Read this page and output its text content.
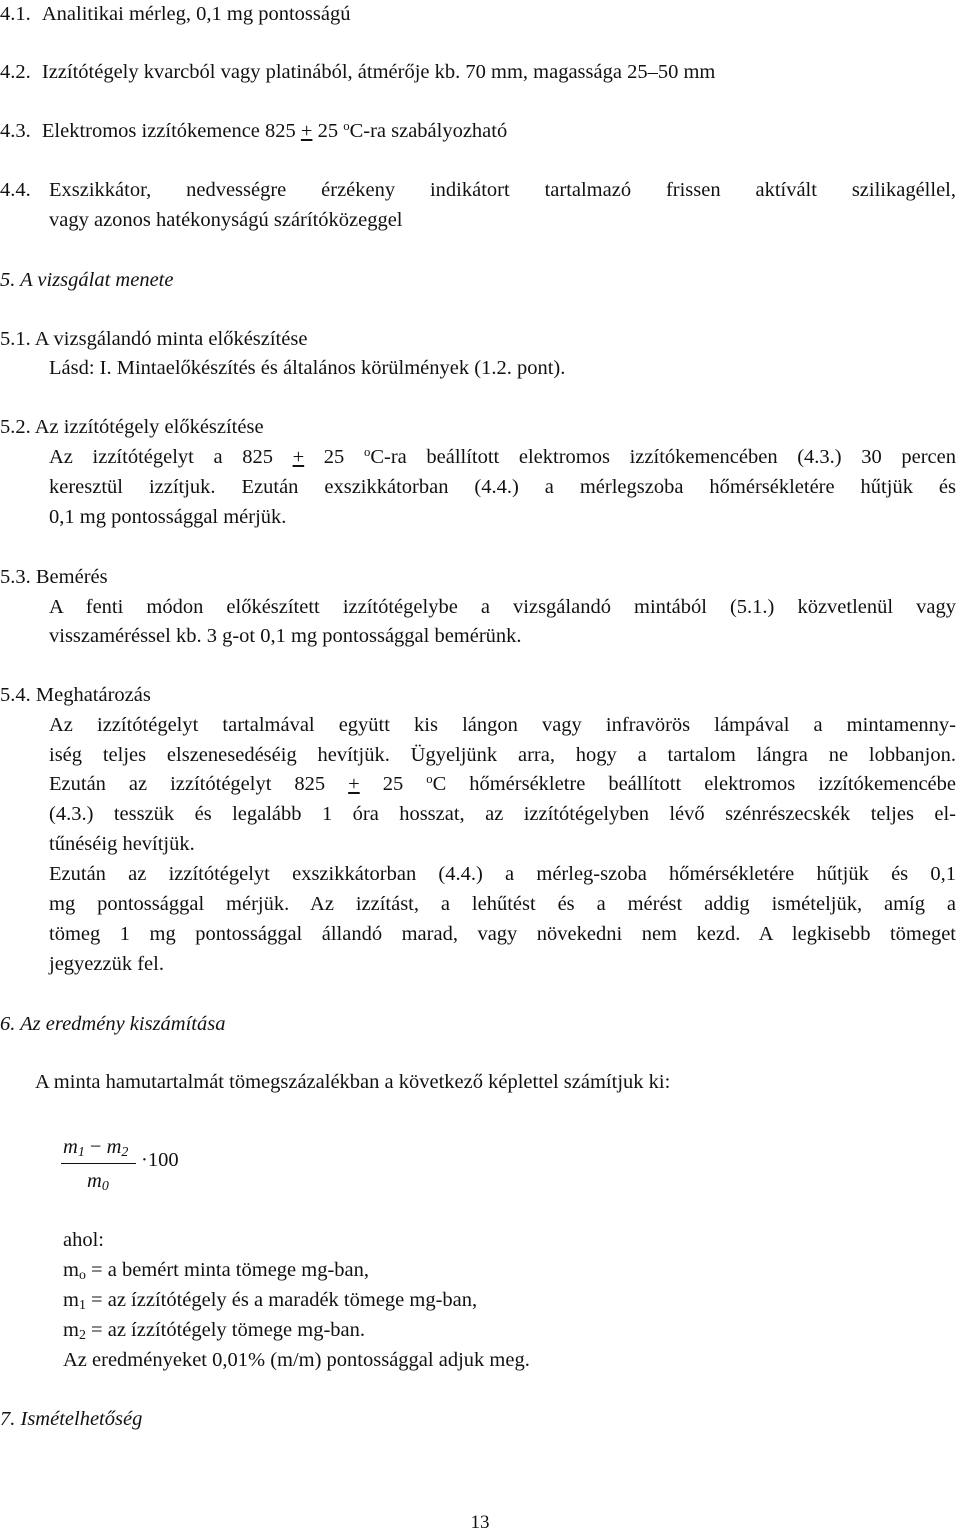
4.1. Analitikai mérleg, 0,1 mg pontosságú
4.2. Izzítótégely kvarcból vagy platinából, átmérője kb. 70 mm, magassága 25–50 mm
4.3. Elektromos izzítókemence 825 + 25 $^o$C-ra szabályozható
4.4. Exszikkátor, nedvességre érzékeny indikátort tartalmazó frissen aktívált szilikagéllel,
vagy azonos hatékonyságú szárítóközeggel
5. A vizsgálat menete
5.1. A vizsgálandó minta előkészítése
Lásd: I. Mintaelőkészítés és általános körülmények (1.2. pont).
5.2. Az izzítótégely előkészítése
Az izzítótégelyt a 825 + 25 $^o$C-ra beállított elektromos izzítókemencében (4.3.) 30 percen
keresztül izzítjuk. Ezután exszikkátorban (4.4.) a mérlegszoba hőmérsékletére hűtjük és
0,1 mg pontossággal mérjük.
5.3. Bemérés
A fenti módon előkészített izzítótégelybe a vizsgálandó mintából (5.1.) közvetlenül vagy
visszaméréssel kb. 3 g-ot 0,1 mg pontossággal bemérünk.
5.4. Meghatározás
Az izzítótégelyt tartalmával együtt kis lángon vagy infravörös lámpával a mintamenny-
iség teljes elszenesedéséig hevítjük. Ügyeljünk arra, hogy a tartalom lángra ne lobbanjon.
Ezután az izzítótégelyt 825 + 25 $^o$C hőmérsékletre beállított elektromos izzítókemencébe
(4.3.) tesszük és legalább 1 óra hosszat, az izzítótégelyben lévő szénrészecskék teljes el-
tűnéséig hevítjük.
Ezután az izzítótégelyt exszikkátorban (4.4.) a mérleg-szoba hőmérsékletére hűtjük és 0,1
mg pontossággal mérjük. Az izzítást, a lehűtést és a mérést addig ismételjük, amíg a
tömeg 1 mg pontossággal állandó marad, vagy növekedni nem kezd. A legkisebb tömeget
jegyezzük fel.
6. Az eredmény kiszámítása
A minta hamutartalmát tömegszázalékban a következő képlettel számítjuk ki:
$m_1 - m_2$
$m_0$
·100
ahol:
$m_o = a$ bemért minta tömege mg-ban,
$m_1$ = az ízzítótégely és a maradék tömege mg-ban,
$m_2$ = az ízzítótégely tömege mg-ban.
Az eredményeket 0,01% (m/m) pontossággal adjuk meg.
7. Ismételhetőség
13
